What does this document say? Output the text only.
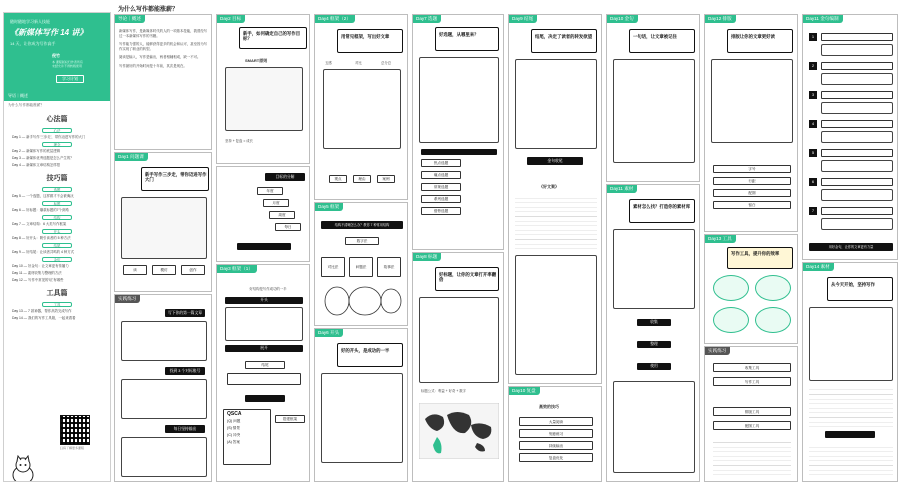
为什么写作都能涨薪？
随时随地学习新人技能
《新媒体写作 14 讲》
14 天，让你成为写作高手
倪竹
本 课程版权归作者所有
未经允许不得转载使用
学习计划
导语｜概述
为什么写作都能涨薪？
心法篇
心法
Day 1 — 新手写作‘三步走’，带你迈进写作的大门
理念
Day 2 — 新媒体写作的底层逻辑
Day 3 — 新媒体优秀选题是怎么产生的？
Day 4 — 新媒体文章结构怎样搭
技巧篇
选题
Day 5 — 一个选题，这样做才不会被淘汰
标题
Day 6 — 好标题：爆款标题的7个套路
结构
Day 7 — 文章结构：6 大类写作框架
开头
Day 8 — 好开头：吸引读者的 5 种方法
结尾
Day 9 — 好结尾：让读者共鸣的 4 种方式
金句
Day 10 — 好金句：让文章更有传播力
Day 11 — 素材收集与整理的方法
Day 12 — 写作中常见的‘坑’有哪些
工具篇
工具
Day 13 — 7 款神器，帮你高效完成写作
Day 14 — 我们的写作工具箱，一起来看看
扫码了解更多课程
导论｜概述

新媒体写作，是新媒体时代的人的一项基本技能，我曾经写过一本新媒体写作的书籍。

写作能力强的人，能够获得更多的机会和认可，甚至因为写作实现了职业的转型。

阅读是输入，写作是输出，两者相辅相成，缺一不可。

写作最好的开始时间是十年前，其次是现在。

Day1 问题课
新手写作三步走，带你迈进写作大门
读	模仿	创作
实践练习
写下你的第一篇文章
找到 3 个对标账号
每日坚持输出
Day2 目标
新手，如何确定自己的写作目标？
SMART原则
坚持 + 复盘 = 成长
目标的分解
年度
月度
周度
每日
Day3 框架（1）
好结构是写作成功的一半
开头
展开
结尾
QSCA
(Q) 问题
(S) 情景
(C) 冲突
(A) 答案
搭建框架
Day4 框架（2）
用常见框架，写出好文章
五感	对比	总分总
观点	理由	案例
Day5 框架
结构不清晰怎么办？教你 7 种常用结构
数字法
对比法	问题法	故事法
Day6 开头
好的开头，是成功的一半
Day7 选题
好选题，从哪里来？
热点选题
痛点选题
常规选题
系列选题
借势选题
Day8 标题
好标题，让你的文章打开率翻倍
标题公式：利益 + 好奇 + 数字
Day9 结尾
结尾，决定了读者的转发欲望
金句收尾
《好文案》
Day10 复盘
高效的技巧
大量阅读
刻意练习
持续输出
复盘优化
Day10 金句
一句话，让文章被记住
Day11 素材
素材怎么找？打造你的素材库
收集
整理
使用
Day12 排版
排版让你的文章更好读
字号
行距
配图
留白
Day13 工具
写作工具，提升你的效率
实践练习
收集工具
写作工具
排版工具
配图工具
Day11 金句编制
1
2
3
4
5
6
7
用好金句，让你的文章更有力量
Day14 素材
从今天开始，坚持写作
